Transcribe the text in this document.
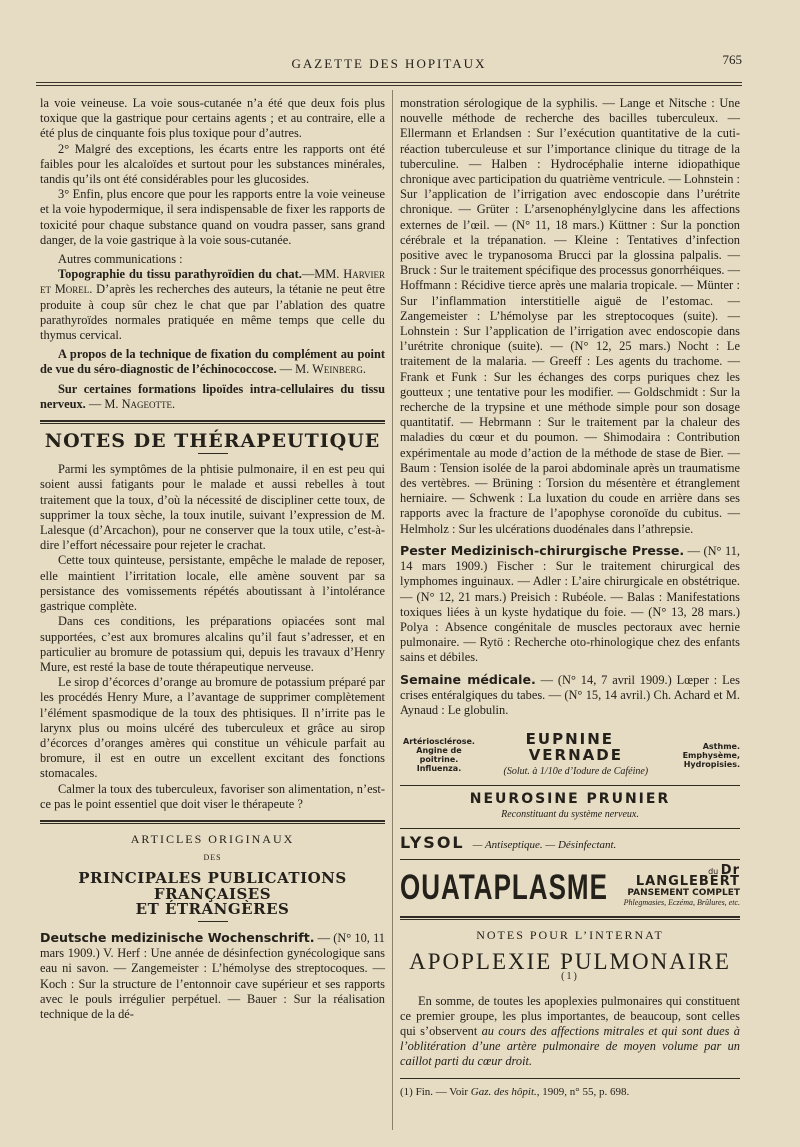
GAZETTE DES HOPITAUX	765

la voie veineuse. La voie sous-cutanée n’a été que deux fois plus toxique que la gastrique pour certains agents ; et au contraire, elle a été plus de cinquante fois plus toxique pour d’autres.

2° Malgré des exceptions, les écarts entre les rapports ont été faibles pour les alcaloïdes et surtout pour les substances minérales, tandis qu’ils ont été considérables pour les glucosides.

3° Enfin, plus encore que pour les rapports entre la voie veineuse et la voie hypodermique, il sera indispensable de fixer les rapports de toxicité pour chaque substance quand on voudra passer, sans grand danger, de la voie gastrique à la voie sous-cutanée.

Autres communications :

Topographie du tissu parathyroïdien du chat.—MM. Harvier et Morel. D’après les recherches des auteurs, la tétanie ne peut être produite à coup sûr chez le chat que par l’ablation des quatre parathyroïdes normales pratiquée en même temps que celle du thymus cervical.

A propos de la technique de fixation du complément au point de vue du séro-diagnostic de l’échinococcose. — M. Weinberg.

Sur certaines formations lipoïdes intra-cellulaires du tissu nerveux. — M. Nageotte.

NOTES DE THÉRAPEUTIQUE

Parmi les symptômes de la phtisie pulmonaire, il en est peu qui soient aussi fatigants pour le malade et aussi rebelles à tout traitement que la toux, d’où la nécessité de discipliner cette toux, de supprimer la toux sèche, la toux inutile, suivant l’expression de M. Lalesque (d’Arcachon), pour ne conserver que la toux utile, c’est-à-dire l’effort nécessaire pour rejeter le crachat.

Cette toux quinteuse, persistante, empêche le malade de reposer, elle maintient l’irritation locale, elle amène souvent par sa persistance des vomissements répétés aboutissant à l’intolérance gastrique complète.

Dans ces conditions, les préparations opiacées sont mal supportées, c’est aux bromures alcalins qu’il faut s’adresser, et en particulier au bromure de potassium qui, depuis les travaux d’Henry Mure, est resté la base de toute thérapeutique nerveuse.

Le sirop d’écorces d’orange au bromure de potassium préparé par les procédés Henry Mure, a l’avantage de supprimer complètement l’élément spasmodique de la toux des phtisiques. Il n’irrite pas le larynx plus ou moins ulcéré des tuberculeux et grâce au sirop d’écorces d’oranges amères qui constitue un véhicule parfait au bromure, il est en outre un excellent excitant des fonctions stomacales.

Calmer la toux des tuberculeux, favoriser son alimentation, n’est-ce pas le point essentiel que doit viser le thérapeute ?

ARTICLES ORIGINAUX
DES
PRINCIPALES PUBLICATIONS FRANÇAISES
ET ÉTRANGÈRES

Deutsche medizinische Wochenschrift. — (N° 10, 11 mars 1909.) V. Herf : Une année de désinfection gynécologique sans eau ni savon. — Zangemeister : L’hémolyse des streptocoques. — Koch : Sur la structure de l’entonnoir cave supérieur et ses rapports avec le pouls irrégulier perpétuel. — Bauer : Sur la réalisation technique de la dé-

monstration sérologique de la syphilis. — Lange et Nitsche : Une nouvelle méthode de recherche des bacilles tuberculeux. — Ellermann et Erlandsen : Sur l’exécution quantitative de la cuti-réaction tuberculeuse et sur l’importance clinique du titrage de la tuberculine. — Halben : Hydrocéphalie interne idiopathique chronique avec participation du quatrième ventricule. — Lohnstein : Sur l’application de l’irrigation avec endoscopie dans l’urétrite chronique. — Grüter : L’arsenophénylglycine dans les affections externes de l’œil. — (N° 11, 18 mars.) Küttner : Sur la ponction cérébrale et la trépanation. — Kleine : Tentatives d’infection positive avec le trypanosoma Brucci par la glossina palpalis. — Bruck : Sur le traitement spécifique des processus gonorrhéiques. — Hoffmann : Récidive tierce après une malaria tropicale. — Münter : Sur l’inflammation interstitielle aiguë de l’estomac. — Zangemeister : L’hémolyse par les streptocoques (suite). — Lohnstein : Sur l’application de l’irrigation avec endoscopie dans l’urétrite chronique (suite). — (N° 12, 25 mars.) Nocht : Le traitement de la malaria. — Greeff : Les agents du trachome. — Frank et Funk : Sur les échanges des corps puriques chez les goutteux ; une tentative pour les modifier. — Goldschmidt : Sur la recherche de la trypsine et une méthode simple pour son dosage quantitatif. — Hebrmann : Sur le traitement par la chaleur des maladies du cœur et du poumon. — Shimodaira : Contribution expérimentale au mode d’action de la méthode de stase de Bier. — Baum : Tension isolée de la paroi abdominale après un traumatisme des vertèbres. — Brüning : Torsion du mésentère et étranglement herniaire. — Schwenk : La luxation du coude en arrière dans ses rapports avec la fracture de l’apophyse coronoïde du cubitus. — Helmholz : Sur les ulcérations duodénales dans l’athrepsie.

Pester Medizinisch-chirurgische Presse. — (N° 11, 14 mars 1909.) Fischer : Sur le traitement chirurgical des lymphomes inguinaux. — Adler : L’aire chirurgicale en obstétrique. — (N° 12, 21 mars.) Preisich : Rubéole. — Balas : Manifestations toxiques liées à un kyste hydatique du foie. — (N° 13, 28 mars.) Polya : Absence congénitale de muscles pectoraux avec hernie pulmonaire. — Rytö : Recherche oto-rhinologique chez des enfants sains et débiles.

Semaine médicale. — (N° 14, 7 avril 1909.) Lœper : Les crises entéralgiques du tabes. — (N° 15, 14 avril.) Ch. Achard et M. Aynaud : Le globulin.

Artériosclérose. Angine de poitrine. Influenza.
EUPNINE VERNADE
(Solut. à 1/10e d’Iodure de Caféine)
Asthme. Emphysème, Hydropisies.
NEUROSINE PRUNIER
Reconstituant du système nerveux.
LYSOL — Antiseptique. — Désinfectant.
OUATAPLASME	du Dr LANGLEBERT
PANSEMENT COMPLET
Phlegmasies, Eczéma, Brûlures, etc.
NOTES POUR L’INTERNAT
APOPLEXIE PULMONAIRE $^{(1)}$

En somme, de toutes les apoplexies pulmonaires qui constituent ce premier groupe, les plus importantes, de beaucoup, sont celles qui s’observent au cours des affections mitrales et qui sont dues à l’oblitération d’une artère pulmonaire de moyen volume par un caillot parti du cœur droit.

(1) Fin. — Voir Gaz. des hôpit., 1909, n° 55, p. 698.
